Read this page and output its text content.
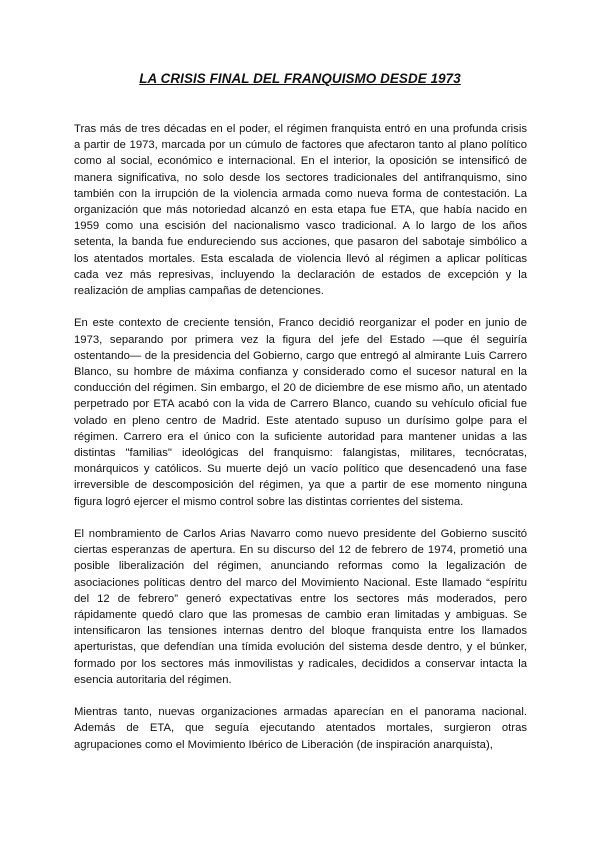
LA CRISIS FINAL DEL FRANQUISMO DESDE 1973

Tras más de tres décadas en el poder, el régimen franquista entró en una profunda crisis a partir de 1973, marcada por un cúmulo de factores que afectaron tanto al plano político como al social, económico e internacional. En el interior, la oposición se intensificó de manera significativa, no solo desde los sectores tradicionales del antifranquismo, sino también con la irrupción de la violencia armada como nueva forma de contestación. La organización que más notoriedad alcanzó en esta etapa fue ETA, que había nacido en 1959 como una escisión del nacionalismo vasco tradicional. A lo largo de los años setenta, la banda fue endureciendo sus acciones, que pasaron del sabotaje simbólico a los atentados mortales. Esta escalada de violencia llevó al régimen a aplicar políticas cada vez más represivas, incluyendo la declaración de estados de excepción y la realización de amplias campañas de detenciones.

En este contexto de creciente tensión, Franco decidió reorganizar el poder en junio de 1973, separando por primera vez la figura del jefe del Estado —que él seguiría ostentando— de la presidencia del Gobierno, cargo que entregó al almirante Luis Carrero Blanco, su hombre de máxima confianza y considerado como el sucesor natural en la conducción del régimen. Sin embargo, el 20 de diciembre de ese mismo año, un atentado perpetrado por ETA acabó con la vida de Carrero Blanco, cuando su vehículo oficial fue volado en pleno centro de Madrid. Este atentado supuso un durísimo golpe para el régimen. Carrero era el único con la suficiente autoridad para mantener unidas a las distintas "familias" ideológicas del franquismo: falangistas, militares, tecnócratas, monárquicos y católicos. Su muerte dejó un vacío político que desencadenó una fase irreversible de descomposición del régimen, ya que a partir de ese momento ninguna figura logró ejercer el mismo control sobre las distintas corrientes del sistema.

El nombramiento de Carlos Arias Navarro como nuevo presidente del Gobierno suscitó ciertas esperanzas de apertura. En su discurso del 12 de febrero de 1974, prometió una posible liberalización del régimen, anunciando reformas como la legalización de asociaciones políticas dentro del marco del Movimiento Nacional. Este llamado “espíritu del 12 de febrero” generó expectativas entre los sectores más moderados, pero rápidamente quedó claro que las promesas de cambio eran limitadas y ambiguas. Se intensificaron las tensiones internas dentro del bloque franquista entre los llamados aperturistas, que defendían una tímida evolución del sistema desde dentro, y el búnker, formado por los sectores más inmovilistas y radicales, decididos a conservar intacta la esencia autoritaria del régimen.

Mientras tanto, nuevas organizaciones armadas aparecían en el panorama nacional. Además de ETA, que seguía ejecutando atentados mortales, surgieron otras agrupaciones como el Movimiento Ibérico de Liberación (de inspiración anarquista),
